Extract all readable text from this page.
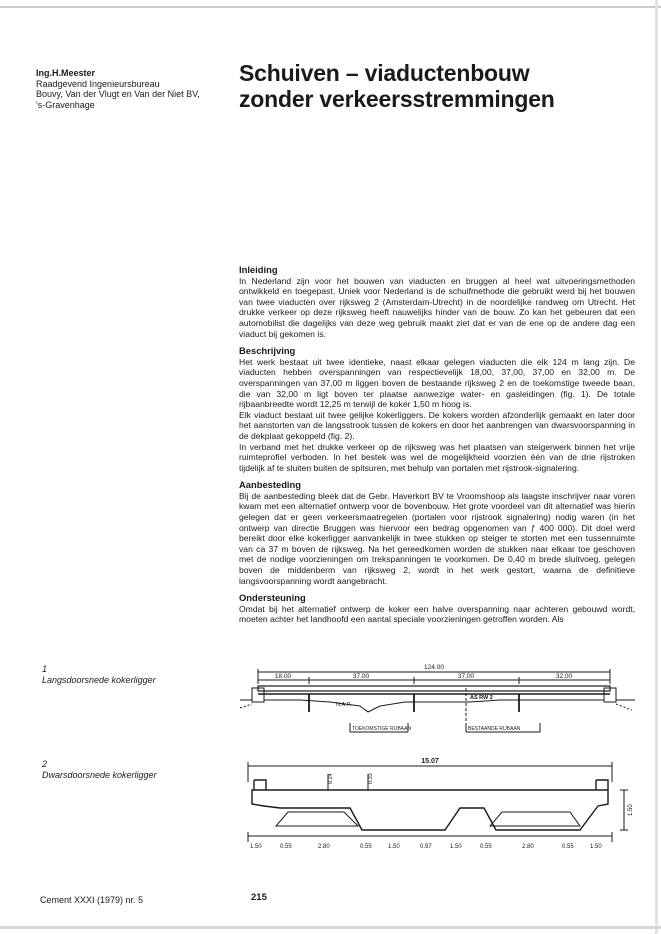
Ing.H.Meester
Raadgevend Ingenieursbureau
Bouvy, Van der Vlugt en Van der Niet BV,
's-Gravenhage
Schuiven – viaductenbouw
zonder verkeersstremmingen
Inleiding

In Nederland zijn voor het bouwen van viaducten en bruggen al heel wat uitvoeringsmethoden ontwikkeld en toegepast. Uniek voor Nederland is de schuifmethode die gebruikt werd bij het bouwen van twee viaducten over rijksweg 2 (Amsterdam-Utrecht) in de noordelijke randweg om Utrecht. Het drukke verkeer op deze rijksweg heeft nauwelijks hinder van de bouw. Zo kan het gebeuren dat een automobilist die dagelijks van deze weg gebruik maakt ziet dat er van de ene op de andere dag een viaduct bij gekomen is.

Beschrijving

Het werk bestaat uit twee identieke, naast elkaar gelegen viaducten die elk 124 m lang zijn. De viaducten hebben overspanningen van respectievelijk 18,00, 37,00, 37,00 en 32,00 m. De overspanningen van 37,00 m liggen boven de bestaande rijksweg 2 en de toekomstige tweede baan, die van 32,00 m ligt boven ter plaatse aanwezige water- en gasleidingen (fig. 1). De totale rijbaanbreedte wordt 12,25 m terwijl de koker 1,50 m hoog is.

Elk viaduct bestaat uit twee gelijke kokerliggers. De kokers worden afzonderlijk gemaakt en later door het aanstorten van de langsstrook tussen de kokers en door het aanbrengen van dwarsvoorspanning in de dekplaat gekoppeld (fig. 2).

In verband met het drukke verkeer op de rijksweg was het plaatsen van steigerwerk binnen het vrije ruimteprofiel verboden. In het bestek was wel de mogelijkheid voorzien één van de drie rijstroken tijdelijk af te sluiten buiten de spitsuren, met behulp van portalen met rijstrook-signalering.

Aanbesteding

Bij de aanbesteding bleek dat de Gebr. Haverkort BV te Vroomshoop als laagste inschrijver naar voren kwam met een alternatief ontwerp voor de bovenbouw. Het grote voordeel van dit alternatief was hierin gelegen dat er geen verkeersmaatregelen (portalen voor rijstrook signalering) nodig waren (in het ontwerp van directie Bruggen was hiervoor een bedrag opgenomen van ƒ 400 000). Dit doel werd bereikt door elke kokerligger aanvankelijk in twee stukken op steiger te storten met een tussenruimte van ca 37 m boven de rijksweg. Na het gereedkomen worden de stukken naar elkaar toe geschoven met de nodige voorzieningen om trekspanningen te voorkomen. De 0,40 m brede sluitvoeg, gelegen boven de middenberm van rijksweg 2, wordt in het werk gestort, waarna de definitieve langsvoorspanning wordt aangebracht.

Ondersteuning

Omdat bij het alternatief ontwerp de koker een halve overspanning naar achteren gebouwd wordt, moeten achter het landhoofd een aantal speciale voorzieningen getroffen worden. Als

1
Langsdoorsnede kokerligger
2
Dwarsdoorsnede kokerligger
124.00
18.00	37.00	37.00	32.00
N.A.P.
AS RW 2
TOEKOMSTIGE RIJBAAN	BESTAANDE RIJBAAN
15.07
0.24	0.33
1.50
1.50	0.55	2.80	0.55	1.50	0.97	1.50	0.55	2.80	0.55	1.50
Cement XXXI (1979) nr. 5	215
